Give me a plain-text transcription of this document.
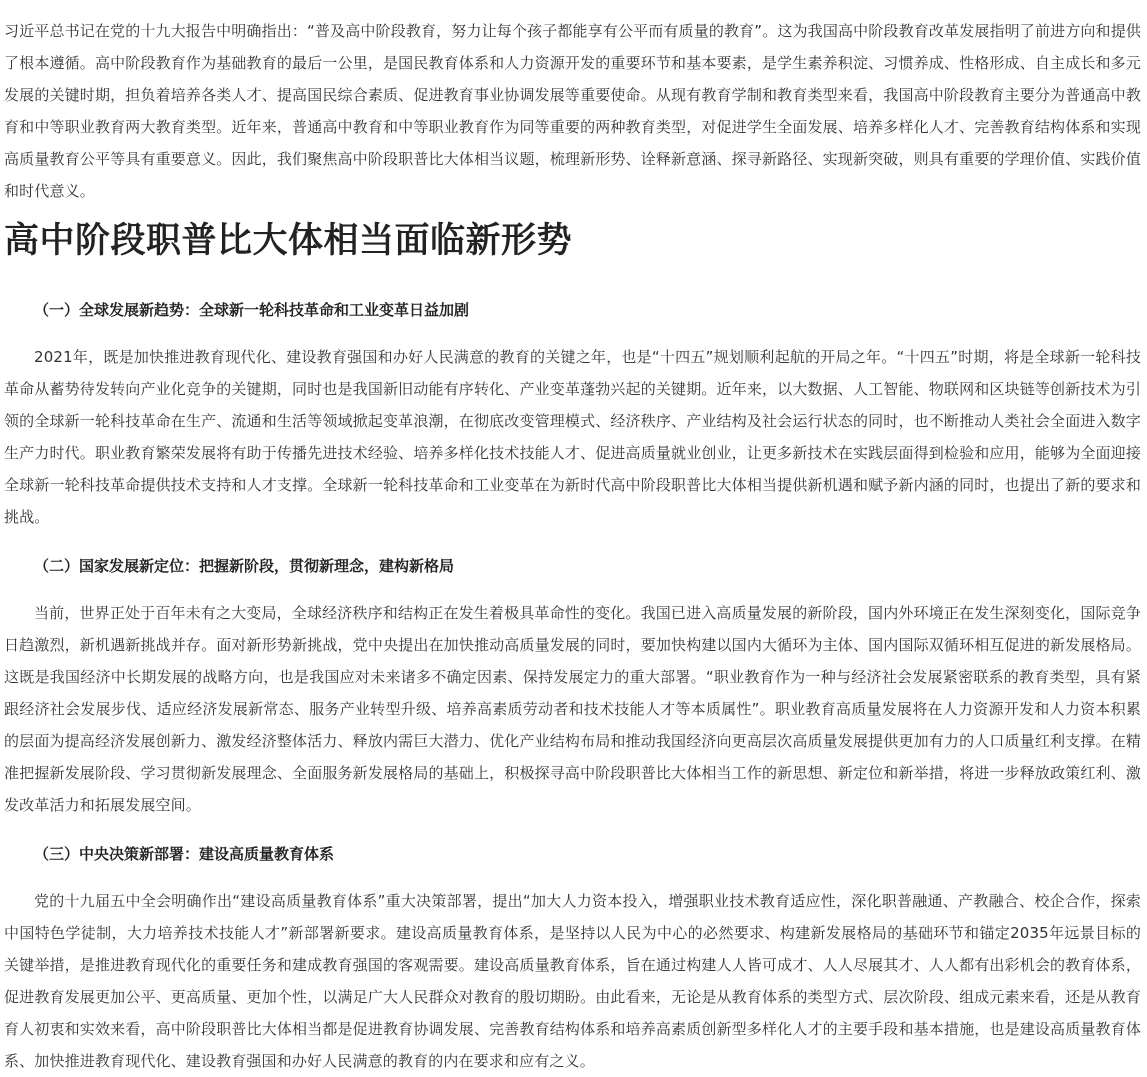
习近平总书记在党的十九大报告中明确指出：“普及高中阶段教育，努力让每个孩子都能享有公平而有质量的教育”。这为我国高中阶段教育改革发展指明了前进方向和提供了根本遵循。高中阶段教育作为基础教育的最后一公里，是国民教育体系和人力资源开发的重要环节和基本要素，是学生素养积淀、习惯养成、性格形成、自主成长和多元发展的关键时期，担负着培养各类人才、提高国民综合素质、促进教育事业协调发展等重要使命。从现有教育学制和教育类型来看，我国高中阶段教育主要分为普通高中教育和中等职业教育两大教育类型。近年来，普通高中教育和中等职业教育作为同等重要的两种教育类型，对促进学生全面发展、培养多样化人才、完善教育结构体系和实现高质量教育公平等具有重要意义。因此，我们聚焦高中阶段职普比大体相当议题，梳理新形势、诠释新意涵、探寻新路径、实现新突破，则具有重要的学理价值、实践价值和时代意义。

高中阶段职普比大体相当面临新形势
（一）全球发展新趋势：全球新一轮科技革命和工业变革日益加剧

2021年，既是加快推进教育现代化、建设教育强国和办好人民满意的教育的关键之年，也是“十四五”规划顺利起航的开局之年。“十四五”时期，将是全球新一轮科技革命从蓄势待发转向产业化竞争的关键期，同时也是我国新旧动能有序转化、产业变革蓬勃兴起的关键期。近年来，以大数据、人工智能、物联网和区块链等创新技术为引领的全球新一轮科技革命在生产、流通和生活等领域掀起变革浪潮，在彻底改变管理模式、经济秩序、产业结构及社会运行状态的同时，也不断推动人类社会全面进入数字生产力时代。职业教育繁荣发展将有助于传播先进技术经验、培养多样化技术技能人才、促进高质量就业创业，让更多新技术在实践层面得到检验和应用，能够为全面迎接全球新一轮科技革命提供技术支持和人才支撑。全球新一轮科技革命和工业变革在为新时代高中阶段职普比大体相当提供新机遇和赋予新内涵的同时，也提出了新的要求和挑战。

（二）国家发展新定位：把握新阶段，贯彻新理念，建构新格局

当前，世界正处于百年未有之大变局，全球经济秩序和结构正在发生着极具革命性的变化。我国已进入高质量发展的新阶段，国内外环境正在发生深刻变化，国际竞争日趋激烈，新机遇新挑战并存。面对新形势新挑战，党中央提出在加快推动高质量发展的同时，要加快构建以国内大循环为主体、国内国际双循环相互促进的新发展格局。这既是我国经济中长期发展的战略方向，也是我国应对未来诸多不确定因素、保持发展定力的重大部署。“职业教育作为一种与经济社会发展紧密联系的教育类型，具有紧跟经济社会发展步伐、适应经济发展新常态、服务产业转型升级、培养高素质劳动者和技术技能人才等本质属性”。职业教育高质量发展将在人力资源开发和人力资本积累的层面为提高经济发展创新力、激发经济整体活力、释放内需巨大潜力、优化产业结构布局和推动我国经济向更高层次高质量发展提供更加有力的人口质量红利支撑。在精准把握新发展阶段、学习贯彻新发展理念、全面服务新发展格局的基础上，积极探寻高中阶段职普比大体相当工作的新思想、新定位和新举措，将进一步释放政策红利、激发改革活力和拓展发展空间。

（三）中央决策新部署：建设高质量教育体系

党的十九届五中全会明确作出“建设高质量教育体系”重大决策部署，提出“加大人力资本投入，增强职业技术教育适应性，深化职普融通、产教融合、校企合作，探索中国特色学徒制，大力培养技术技能人才”新部署新要求。建设高质量教育体系，是坚持以人民为中心的必然要求、构建新发展格局的基础环节和锚定2035年远景目标的关键举措，是推进教育现代化的重要任务和建成教育强国的客观需要。建设高质量教育体系，旨在通过构建人人皆可成才、人人尽展其才、人人都有出彩机会的教育体系，促进教育发展更加公平、更高质量、更加个性，以满足广大人民群众对教育的殷切期盼。由此看来，无论是从教育体系的类型方式、层次阶段、组成元素来看，还是从教育育人初衷和实效来看，高中阶段职普比大体相当都是促进教育协调发展、完善教育结构体系和培养高素质创新型多样化人才的主要手段和基本措施，也是建设高质量教育体系、加快推进教育现代化、建设教育强国和办好人民满意的教育的内在要求和应有之义。
